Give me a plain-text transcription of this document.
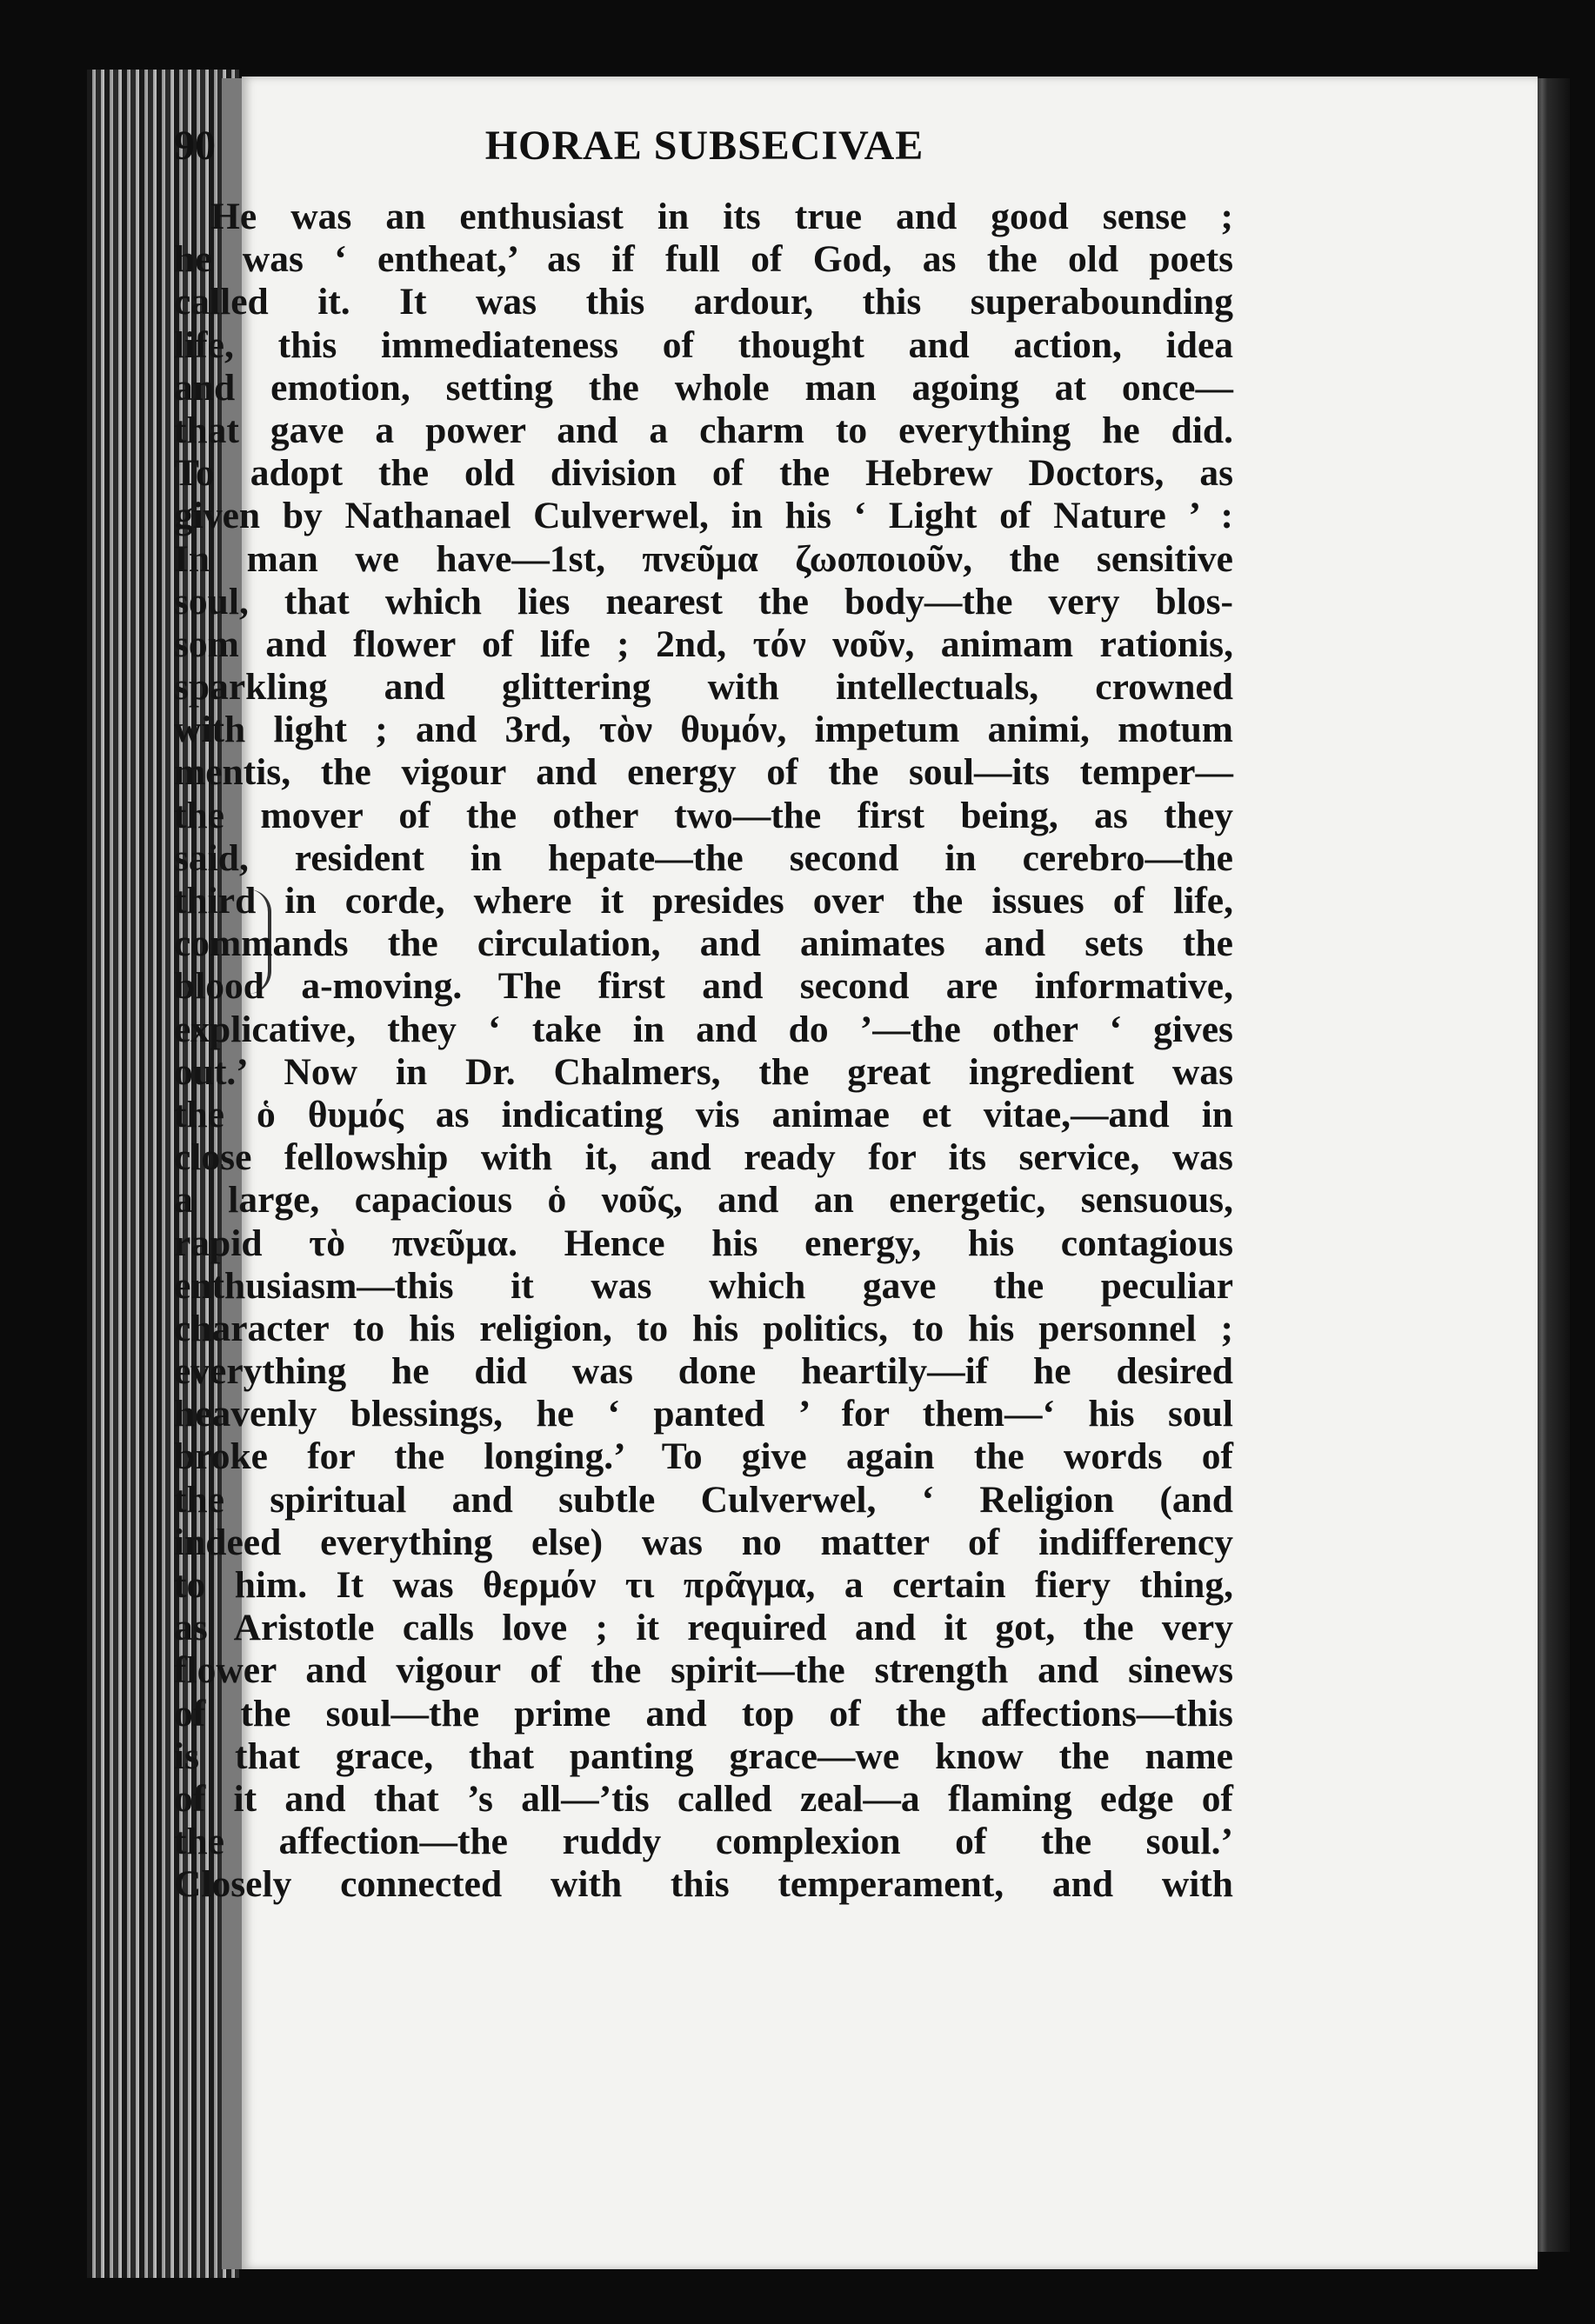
90	HORAE SUBSECIVAE
He was an enthusiast in its true and good sense ;
he was ‘ entheat,’ as if full of God, as the old poets
called it. It was this ardour, this superabounding
life, this immediateness of thought and action, idea
and emotion, setting the whole man agoing at once—
that gave a power and a charm to everything he did.
To adopt the old division of the Hebrew Doctors, as
given by Nathanael Culverwel, in his ‘ Light of Nature ’ :
In man we have—1st, πνεῦμα ζωοποιοῦν, the sensitive
soul, that which lies nearest the body—the very blos-
som and flower of life ; 2nd, τόν νοῦν, animam rationis,
sparkling and glittering with intellectuals, crowned
with light ; and 3rd, τὸν θυμόν, impetum animi, motum
mentis, the vigour and energy of the soul—its temper—
the mover of the other two—the first being, as they
said, resident in hepate—the second in cerebro—the
third in corde, where it presides over the issues of life,
commands the circulation, and animates and sets the
blood a-moving. The first and second are informative,
explicative, they ‘ take in and do ’—the other ‘ gives
out.’ Now in Dr. Chalmers, the great ingredient was
the ὁ θυμός as indicating vis animae et vitae,—and in
close fellowship with it, and ready for its service, was
a large, capacious ὁ νοῦς, and an energetic, sensuous,
rapid τὸ πνεῦμα. Hence his energy, his contagious
enthusiasm—this it was which gave the peculiar
character to his religion, to his politics, to his personnel ;
everything he did was done heartily—if he desired
heavenly blessings, he ‘ panted ’ for them—‘ his soul
broke for the longing.’ To give again the words of
the spiritual and subtle Culverwel, ‘ Religion (and
indeed everything else) was no matter of indifferency
to him. It was θερμόν τι πρᾶγμα, a certain fiery thing,
as Aristotle calls love ; it required and it got, the very
flower and vigour of the spirit—the strength and sinews
of the soul—the prime and top of the affections—this
is that grace, that panting grace—we know the name
of it and that ’s all—’tis called zeal—a flaming edge of
the affection—the ruddy complexion of the soul.’
Closely connected with this temperament, and with
